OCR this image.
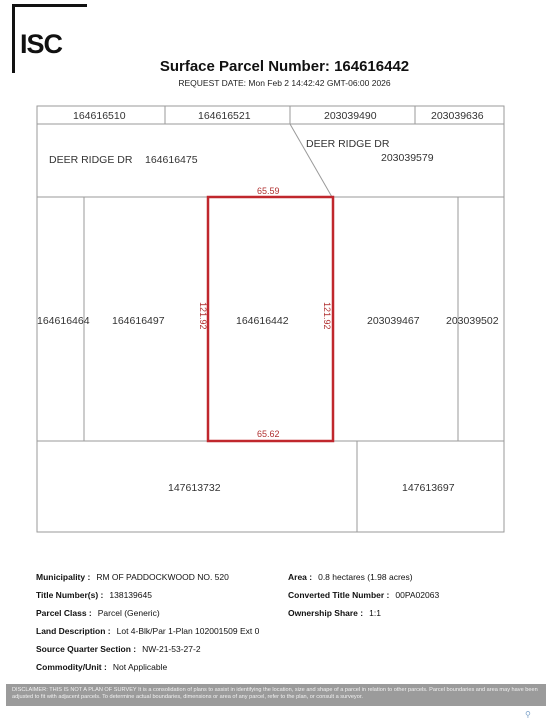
ISC
Surface Parcel Number: 164616442
REQUEST DATE: Mon Feb 2 14:42:42 GMT-06:00 2026
164616510	164616521	203039490	203039636
DEER RIDGE DR 164616475
DEER RIDGE DR
203039579
164616464 164616497	164616442	203039467	203039502
147613732	147613697
65.59
65.62
121.92	121.92
Municipality : RM OF PADDOCKWOOD NO. 520	Area : 0.8 hectares (1.98 acres)
Title Number(s) : 138139645	Converted Title Number : 00PA02063
Parcel Class : Parcel (Generic)	Ownership Share : 1:1
Land Description : Lot 4-Blk/Par 1-Plan 102001509 Ext 0
Source Quarter Section : NW-21-53-27-2
Commodity/Unit : Not Applicable
DISCLAIMER: THIS IS NOT A PLAN OF SURVEY It is a consolidation of plans to assist in identifying the location, size and shape of a parcel in relation to other parcels. Parcel boundaries and area may have been adjusted to fit with adjacent parcels. To determine actual boundaries, dimensions or area of any parcel, refer to the plan, or consult a surveyor.
⚲
